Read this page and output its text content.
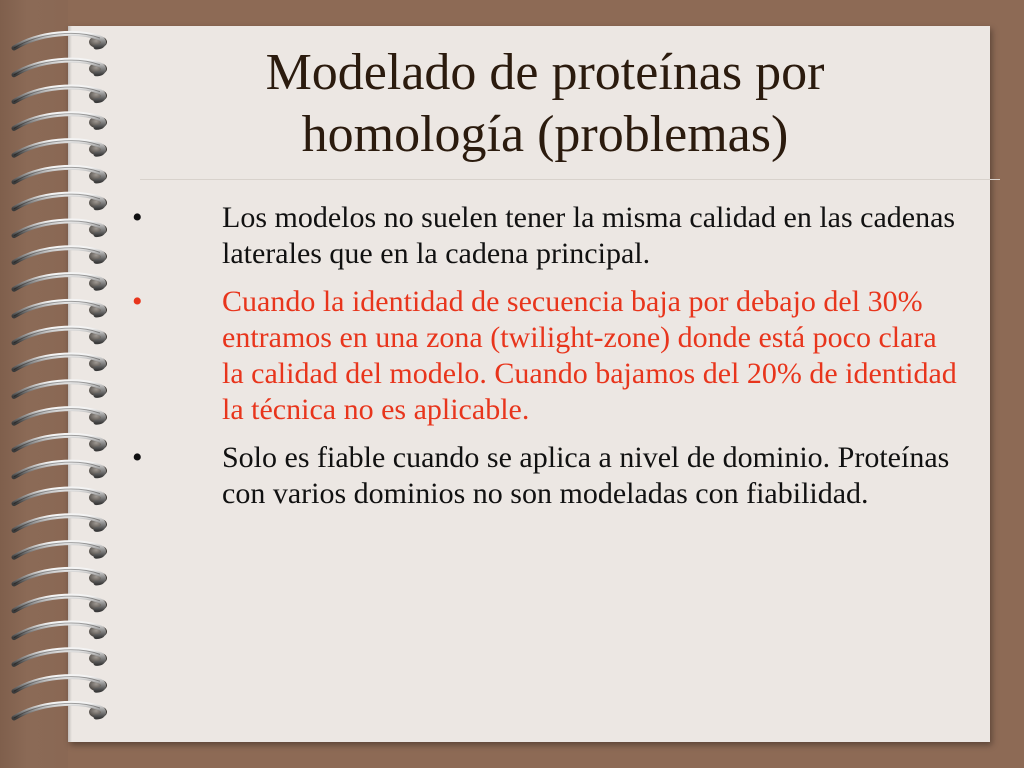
Modelado de proteínas por
homología (problemas)
•	Los modelos no suelen tener la misma calidad en las cadenas laterales que en la cadena principal.
•	Cuando la identidad de secuencia baja por debajo del 30% entramos en una zona (twilight-zone) donde está poco clara la calidad del modelo. Cuando bajamos del 20% de identidad la técnica no es aplicable.
•	Solo es fiable cuando se aplica a nivel de dominio. Proteínas con varios dominios no son modeladas con fiabilidad.
